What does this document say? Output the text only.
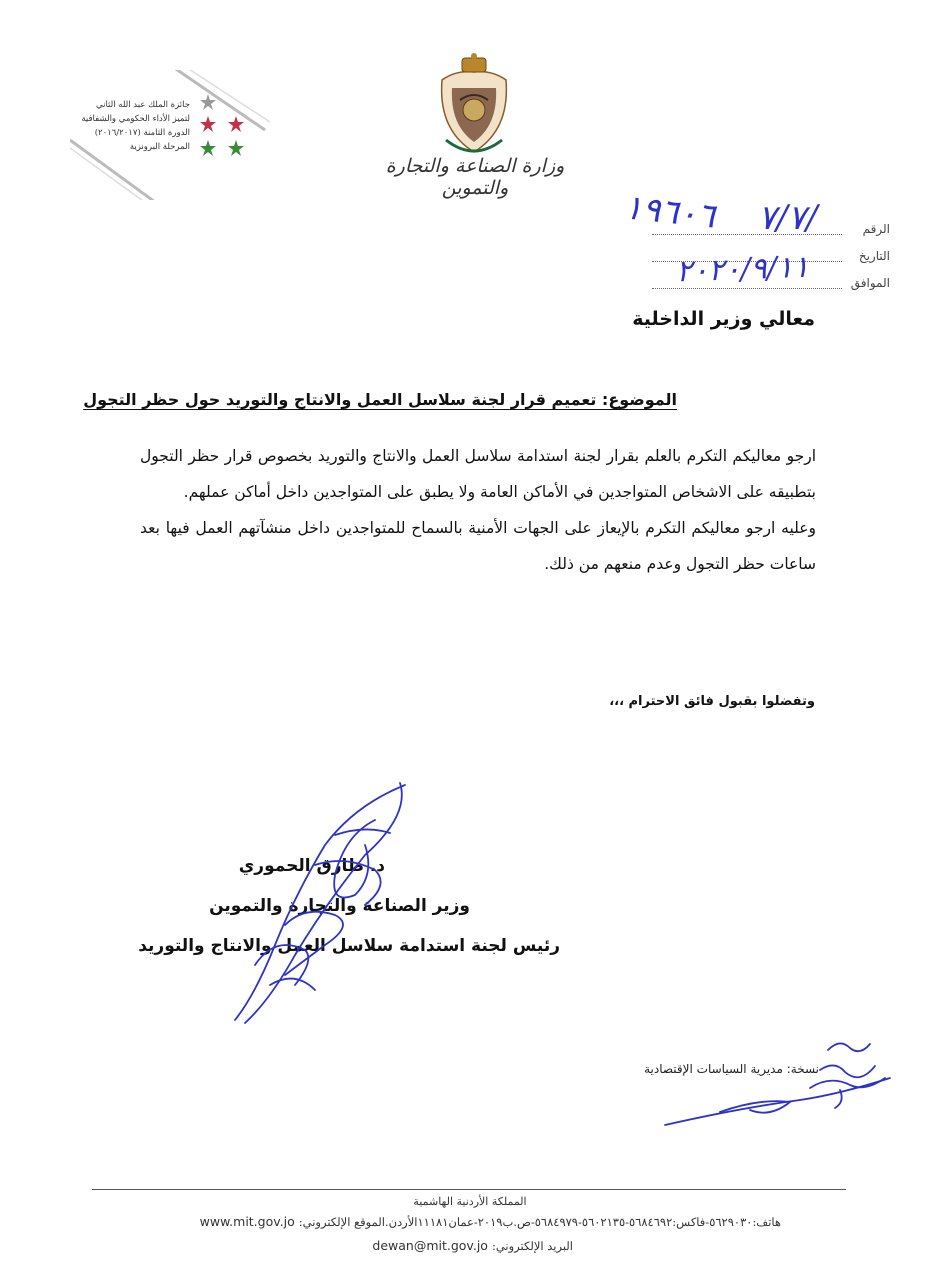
جائزة الملك عبد الله الثاني
لتميز الأداء الحكومي والشفافية
الدورة الثامنة (٢٠١٦/٢٠١٧)
المرحلة البرونزية
وزارة الصناعة والتجارة والتموين
الرقم
التاريخ
الموافق
١٩٦٠٦ ٧/٧/
٢٠٢٠/٩/١١
معالي وزير الداخلية
الموضوع: تعميم قرار لجنة سلاسل العمل والانتاج والتوريد حول حظر التجول

ارجو معاليكم التكرم بالعلم بقرار لجنة استدامة سلاسل العمل والانتاج والتوريد بخصوص قرار حظر التجول بتطبيقه على الاشخاص المتواجدين في الأماكن العامة ولا يطبق على المتواجدين داخل أماكن عملهم.

وعليه ارجو معاليكم التكرم بالإيعاز على الجهات الأمنية بالسماح للمتواجدين داخل منشآتهم العمل فيها بعد ساعات حظر التجول وعدم منعهم من ذلك.

وتفضلوا بقبول فائق الاحترام ،،،
د. طارق الحموري
وزير الصناعة والتجارة والتموين
رئيس لجنة استدامة سلاسل العمل والانتاج والتوريد
نسخة: مديرية السياسات الإقتصادية
المملكة الأردنية الهاشمية
هاتف:٥٦٢٩٠٣٠-فاكس:٥٦٨٤٦٩٢-٥٦٠٢١٣٥-٥٦٨٤٩٧٩-ص.ب٢٠١٩-عمان١١١٨١الأردن.الموقع الإلكتروني:www.mit.gov.jo
البريد الإلكتروني:dewan@mit.gov.jo
